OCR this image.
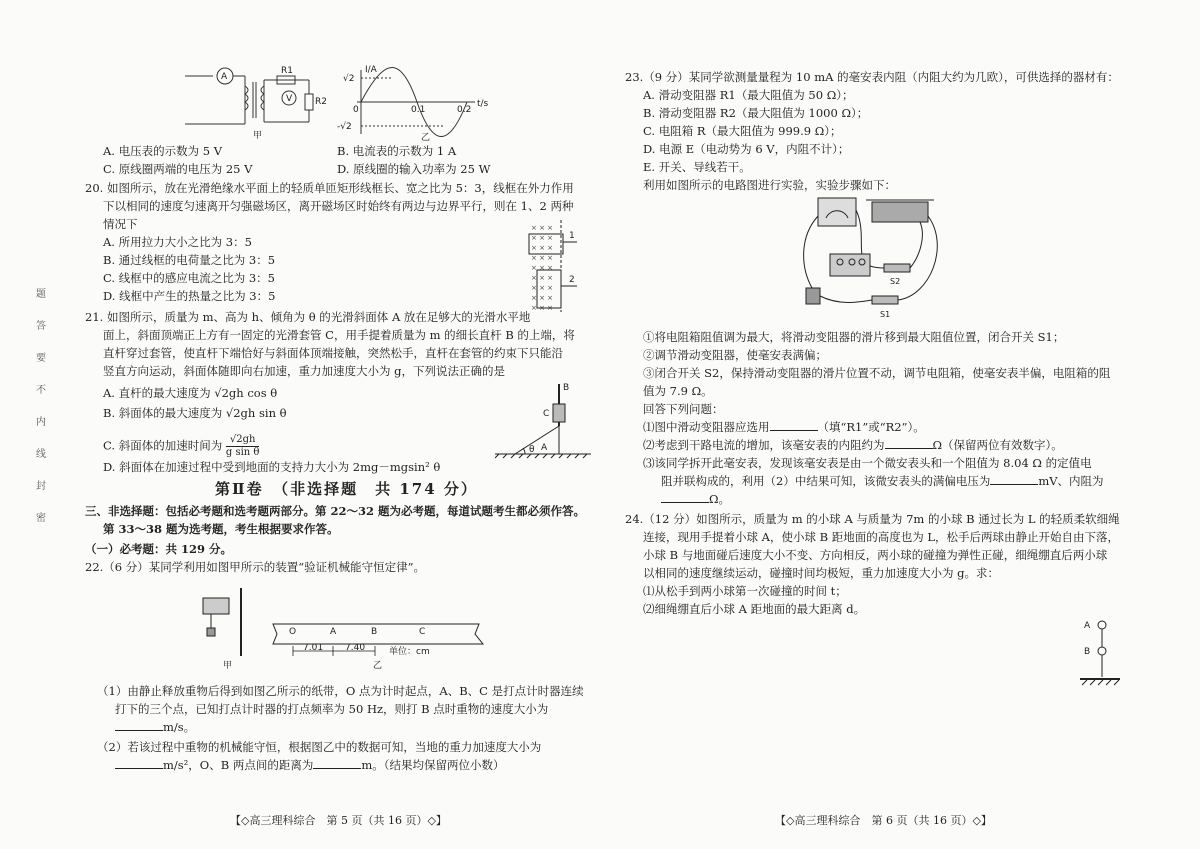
题
答
要
不
内
线
封
密
A
V
R1
R2
甲
I/A
t/s
√2
-√2
0	0.1	0.2
乙
A. 电压表的示数为 5 V	B. 电流表的示数为 1 A
C. 原线圈两端的电压为 25 V	D. 原线圈的输入功率为 25 W
20. 如图所示，放在光滑绝缘水平面上的轻质单匝矩形线框长、宽之比为 5：3，线框在外力作用
下以相同的速度匀速离开匀强磁场区，离开磁场区时始终有两边与边界平行，则在 1、2 两种
情况下
A. 所用拉力大小之比为 3：5
B. 通过线框的电荷量之比为 3：5
C. 线框中的感应电流之比为 3：5
D. 线框中产生的热量之比为 3：5
× × ×
× × ×
× × ×
× × ×
× × ×
× × ×
× × ×
× × ×
× × ×
1
2
21. 如图所示，质量为 m、高为 h、倾角为 θ 的光滑斜面体 A 放在足够大的光滑水平地
面上，斜面顶端正上方有一固定的光滑套管 C，用手提着质量为 m 的细长直杆 B 的上端，将
直杆穿过套管，使直杆下端恰好与斜面体顶端接触，突然松手，直杆在套管的约束下只能沿
竖直方向运动，斜面体随即向右加速，重力加速度大小为 g，下列说法正确的是
A. 直杆的最大速度为 √2gh cos θ
B. 斜面体的最大速度为 √2gh sin θ
C. 斜面体的加速时间为 $\frac{√2gh}{\text{g sin θ}}$
D. 斜面体在加速过程中受到地面的支持力大小为 2mg－mgsin² θ
B
C
A
θ
第Ⅱ卷　（非选择题　共 174 分）
三、非选择题：包括必考题和选考题两部分。第 22～32 题为必考题，每道试题考生都必须作答。
第 33～38 题为选考题，考生根据要求作答。
（一）必考题：共 129 分。
22.（6 分）某同学利用如图甲所示的装置“验证机械能守恒定律”。
O	A	B	C
7.01 7.40	单位：cm
甲	乙
（1）由静止释放重物后得到如图乙所示的纸带，O 点为计时起点，A、B、C 是打点计时器连续
打下的三个点，已知打点计时器的打点频率为 50 Hz，则打 B 点时重物的速度大小为
m/s。
（2）若该过程中重物的机械能守恒，根据图乙中的数据可知，当地的重力加速度大小为
m/s²，O、B 两点间的距离为	m。（结果均保留两位小数）
【◇高三理科综合　第 5 页（共 16 页）◇】
23.（9 分）某同学欲测量量程为 10 mA 的毫安表内阻（内阻大约为几欧），可供选择的器材有：
A. 滑动变阻器 R1（最大阻值为 50 Ω）；
B. 滑动变阻器 R2（最大阻值为 1000 Ω）；
C. 电阻箱 R（最大阻值为 999.9 Ω）；
D. 电源 E（电动势为 6 V，内阻不计）；
E. 开关、导线若干。
利用如图所示的电路图进行实验，实验步骤如下：
S2
S1
①将电阻箱阻值调为最大，将滑动变阻器的滑片移到最大阻值位置，闭合开关 S1；
②调节滑动变阻器，使毫安表满偏；
③闭合开关 S2，保持滑动变阻器的滑片位置不动，调节电阻箱，使毫安表半偏，电阻箱的阻
值为 7.9 Ω。
回答下列问题：
⑴图中滑动变阻器应选用	（填“R1”或“R2”）。
⑵考虑到干路电流的增加，该毫安表的内阻约为	Ω（保留两位有效数字）。
⑶该同学拆开此毫安表，发现该毫安表是由一个微安表头和一个阻值为 8.04 Ω 的定值电
阻并联构成的，利用（2）中结果可知，该微安表头的满偏电压为	mV、内阻为
Ω。
24.（12 分）如图所示，质量为 m 的小球 A 与质量为 7m 的小球 B 通过长为 L 的轻质柔软细绳
连接，现用手提着小球 A，使小球 B 距地面的高度也为 L，松手后两球由静止开始自由下落，
小球 B 与地面碰后速度大小不变、方向相反，两小球的碰撞为弹性正碰，细绳绷直后两小球
以相同的速度继续运动，碰撞时间均极短，重力加速度大小为 g。求：
⑴从松手到两小球第一次碰撞的时间 t；
⑵细绳绷直后小球 A 距地面的最大距离 d。
A
B
【◇高三理科综合　第 6 页（共 16 页）◇】
